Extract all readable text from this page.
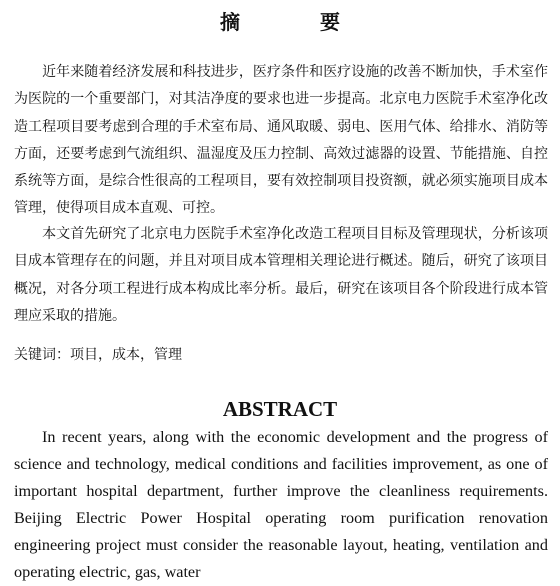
摘　要

　　近年来随着经济发展和科技进步，医疗条件和医疗设施的改善不断加快，手术室作为医院的一个重要部门，对其洁净度的要求也进一步提高。北京电力医院手术室净化改造工程项目要考虑到合理的手术室布局、通风取暖、弱电、医用气体、给排水、消防等方面，还要考虑到气流组织、温湿度及压力控制、高效过滤器的设置、节能措施、自控系统等方面，是综合性很高的工程项目，要有效控制项目投资额，就必须实施项目成本管理，使得项目成本直观、可控。

　　本文首先研究了北京电力医院手术室净化改造工程项目目标及管理现状，分析该项目成本管理存在的问题，并且对项目成本管理相关理论进行概述。随后，研究了该项目概况，对各分项工程进行成本构成比率分析。最后，研究在该项目各个阶段进行成本管理应采取的措施。

关键词：项目，成本，管理

ABSTRACT

In recent years, along with the economic development and the progress of science and technology, medical conditions and facilities improvement, as one of important hospital department, further improve the cleanliness requirements. Beijing Electric Power Hospital operating room purification renovation engineering project must consider the reasonable layout, heating, ventilation and operating electric, gas, water
